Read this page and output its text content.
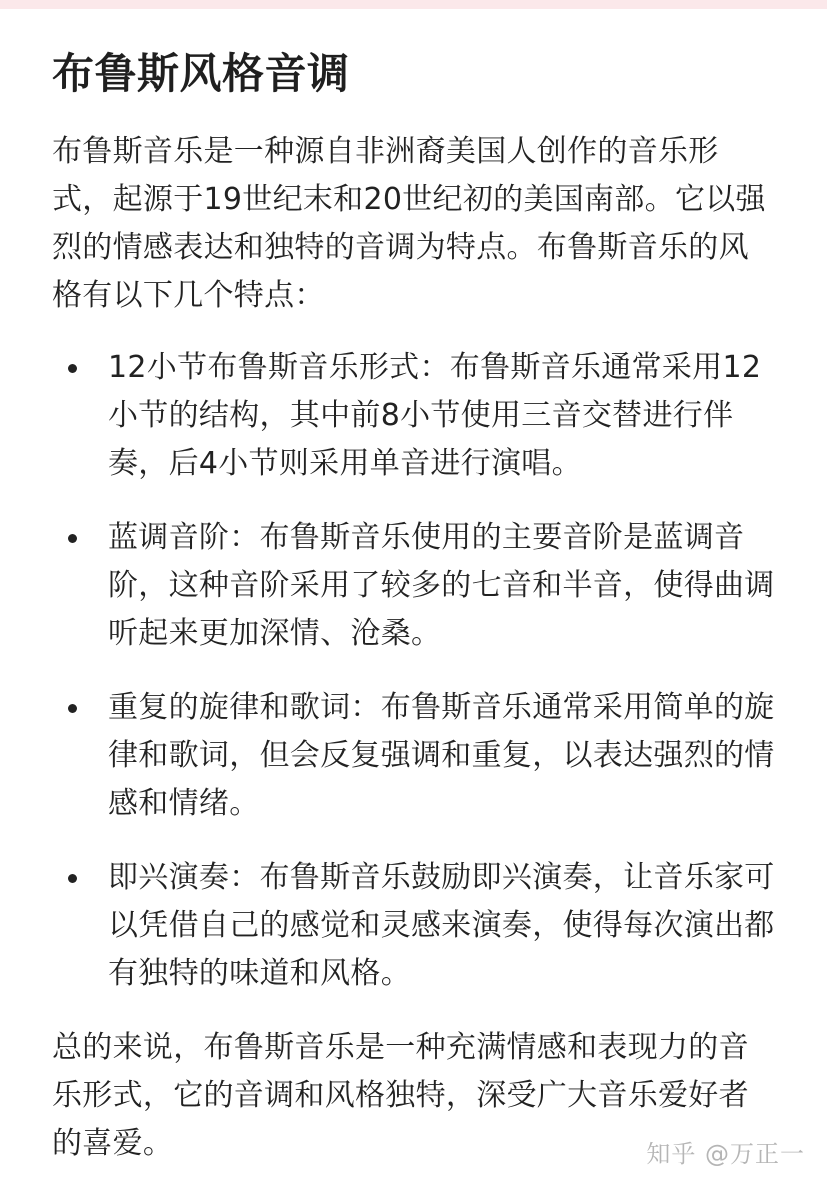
布鲁斯风格音调

布鲁斯音乐是一种源自非洲裔美国人创作的音乐形式，起源于19世纪末和20世纪初的美国南部。它以强烈的情感表达和独特的音调为特点。布鲁斯音乐的风格有以下几个特点：

12小节布鲁斯音乐形式：布鲁斯音乐通常采用12小节的结构，其中前8小节使用三音交替进行伴奏，后4小节则采用单音进行演唱。
蓝调音阶：布鲁斯音乐使用的主要音阶是蓝调音阶，这种音阶采用了较多的七音和半音，使得曲调听起来更加深情、沧桑。
重复的旋律和歌词：布鲁斯音乐通常采用简单的旋律和歌词，但会反复强调和重复，以表达强烈的情感和情绪。
即兴演奏：布鲁斯音乐鼓励即兴演奏，让音乐家可以凭借自己的感觉和灵感来演奏，使得每次演出都有独特的味道和风格。

总的来说，布鲁斯音乐是一种充满情感和表现力的音乐形式，它的音调和风格独特，深受广大音乐爱好者的喜爱。	知乎 @万正一
